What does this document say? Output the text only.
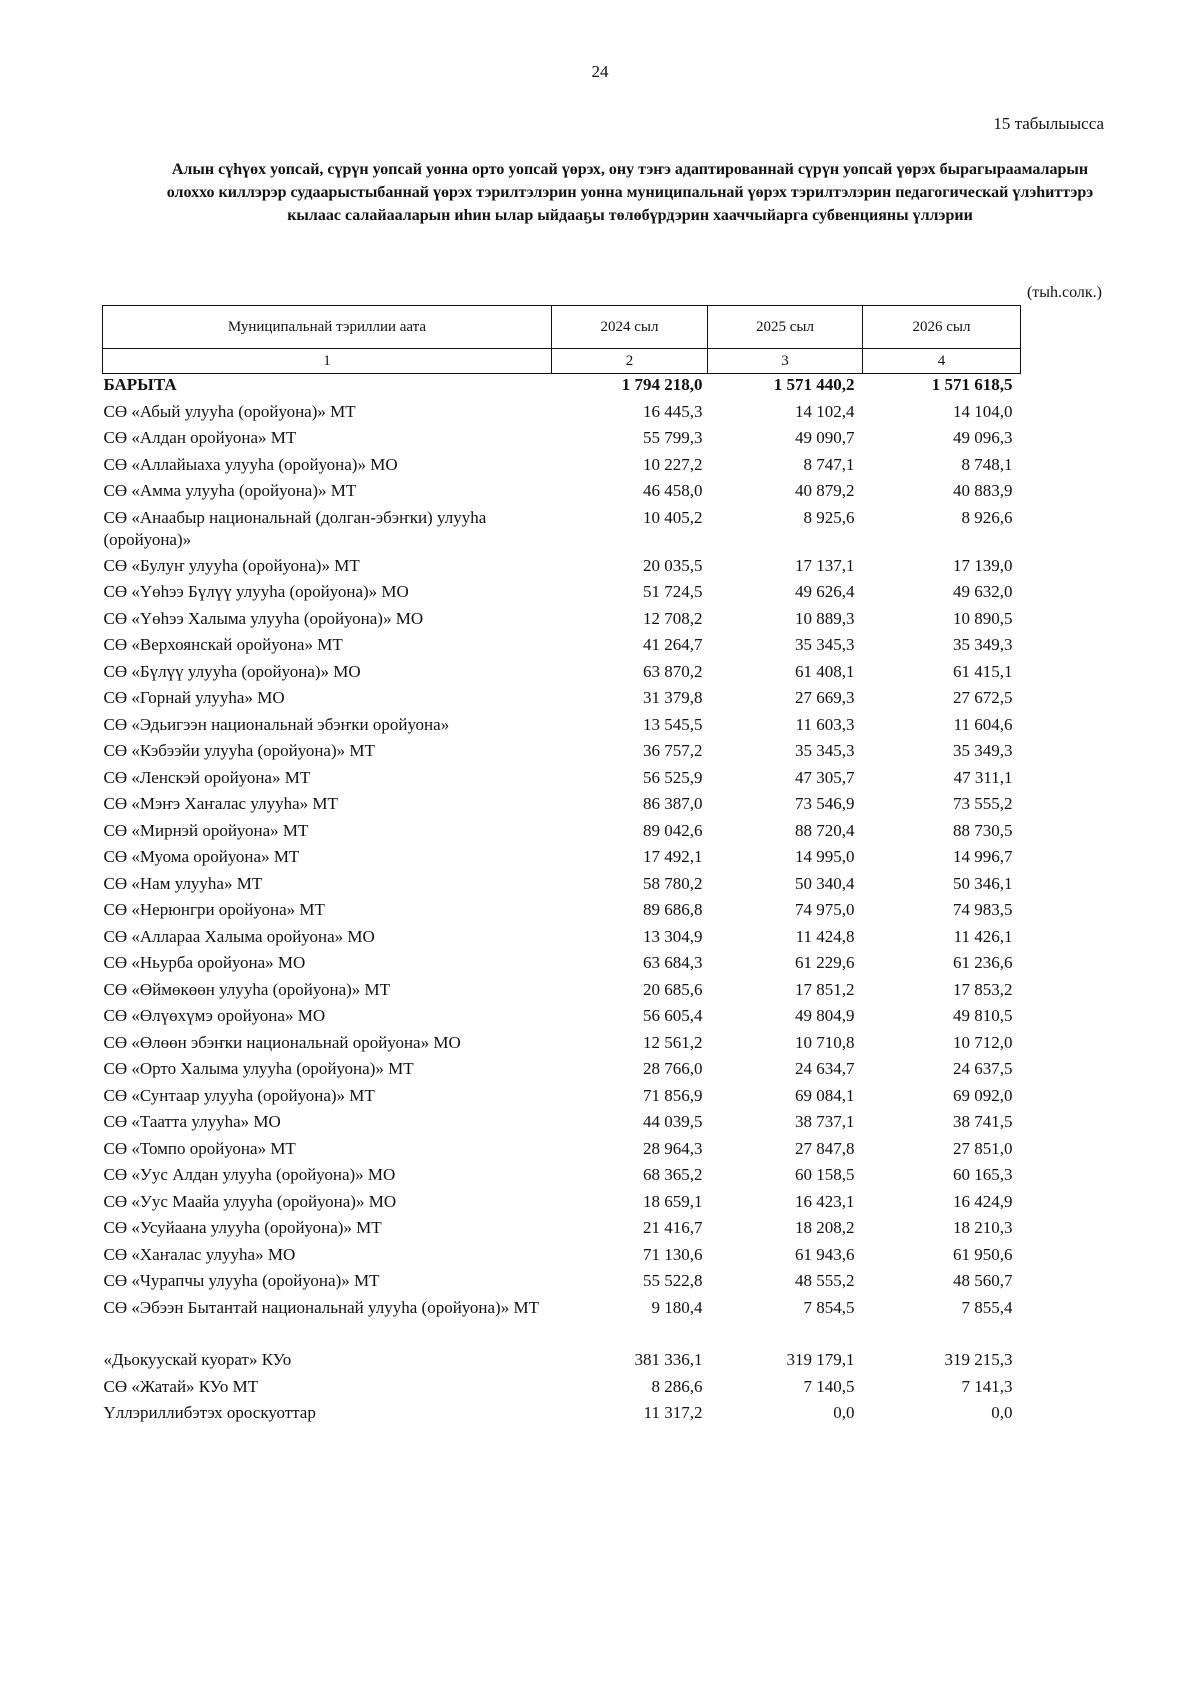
24
15 табылыысса
Алын сүһүөх уопсай, сүрүн уопсай уонна орто уопсай үөрэх, ону тэҥэ адаптированнай сүрүн уопсай үөрэх бырагыраамаларын олоххо киллэрэр судаарыстыбаннай үөрэх тэрилтэлэрин уонна муниципальнай үөрэх тэрилтэлэрин педагогическай үлэһиттэрэ кылаас салайааларын иһин ылар ыйдааҕы төлөбүрдэрин хааччыйарга субвенцияны үллэрии
(тыһ.солк.)
Муниципальнай тэриллии аата	2024 сыл	2025 сыл	2026 сыл
1	2	3	4
БАРЫТА	1 794 218,0	1 571 440,2	1 571 618,5
СӨ «Абый улууһа (оройуона)» МТ	16 445,3	14 102,4	14 104,0
СӨ «Алдан оройуона» МТ	55 799,3	49 090,7	49 096,3
СӨ «Аллайыаха улууһа (оройуона)» МО	10 227,2	8 747,1	8 748,1
СӨ «Амма улууһа (оройуона)» МТ	46 458,0	40 879,2	40 883,9
СӨ «Анаабыр национальнай (долган-эбэҥки) улууһа (оройуона)»	10 405,2	8 925,6	8 926,6
СӨ «Булуҥ улууһа (оройуона)» МТ	20 035,5	17 137,1	17 139,0
СӨ «Үөһээ Бүлүү улууһа (оройуона)» МО	51 724,5	49 626,4	49 632,0
СӨ «Үөһээ Халыма улууһа (оройуона)» МО	12 708,2	10 889,3	10 890,5
СӨ «Верхоянскай оройуона» МТ	41 264,7	35 345,3	35 349,3
СӨ «Бүлүү улууһа (оройуона)» МО	63 870,2	61 408,1	61 415,1
СӨ «Горнай улууһа» МО	31 379,8	27 669,3	27 672,5
СӨ «Эдьигээн национальнай эбэҥки оройуона»	13 545,5	11 603,3	11 604,6
СӨ «Кэбээйи улууһа (оройуона)» МТ	36 757,2	35 345,3	35 349,3
СӨ «Ленскэй оройуона» МТ	56 525,9	47 305,7	47 311,1
СӨ «Мэҥэ Хаҥалас улууһа» МТ	86 387,0	73 546,9	73 555,2
СӨ «Мирнэй оройуона» МТ	89 042,6	88 720,4	88 730,5
СӨ «Муома оройуона» МТ	17 492,1	14 995,0	14 996,7
СӨ «Нам улууһа» МТ	58 780,2	50 340,4	50 346,1
СӨ «Нерюнгри оройуона» МТ	89 686,8	74 975,0	74 983,5
СӨ «Аллараа Халыма оройуона» МО	13 304,9	11 424,8	11 426,1
СӨ «Ньурба оройуона» МО	63 684,3	61 229,6	61 236,6
СӨ «Өймөкөөн улууһа (оройуона)» МТ	20 685,6	17 851,2	17 853,2
СӨ «Өлүөхүмэ оройуона» МО	56 605,4	49 804,9	49 810,5
СӨ «Өлөөн эбэҥки национальнай оройуона» МО	12 561,2	10 710,8	10 712,0
СӨ «Орто Халыма улууһа (оройуона)» МТ	28 766,0	24 634,7	24 637,5
СӨ «Сунтаар улууһа (оройуона)» МТ	71 856,9	69 084,1	69 092,0
СӨ «Таатта улууһа» МО	44 039,5	38 737,1	38 741,5
СӨ «Томпо оройуона» МТ	28 964,3	27 847,8	27 851,0
СӨ «Уус Алдан улууһа (оройуона)» МО	68 365,2	60 158,5	60 165,3
СӨ «Уус Маайа улууһа (оройуона)» МО	18 659,1	16 423,1	16 424,9
СӨ «Усуйаана улууһа (оройуона)» МТ	21 416,7	18 208,2	18 210,3
СӨ «Хаҥалас улууһа» МО	71 130,6	61 943,6	61 950,6
СӨ «Чурапчы улууһа (оройуона)» МТ	55 522,8	48 555,2	48 560,7
СӨ «Эбээн Бытантай национальнай улууһа (оройуона)» МТ	9 180,4	7 854,5	7 855,4

«Дьокуускай куорат» КУо	381 336,1	319 179,1	319 215,3
СӨ «Жатай» КУо МТ	8 286,6	7 140,5	7 141,3
Үллэриллибэтэх ороскуоттар	11 317,2	0,0	0,0
